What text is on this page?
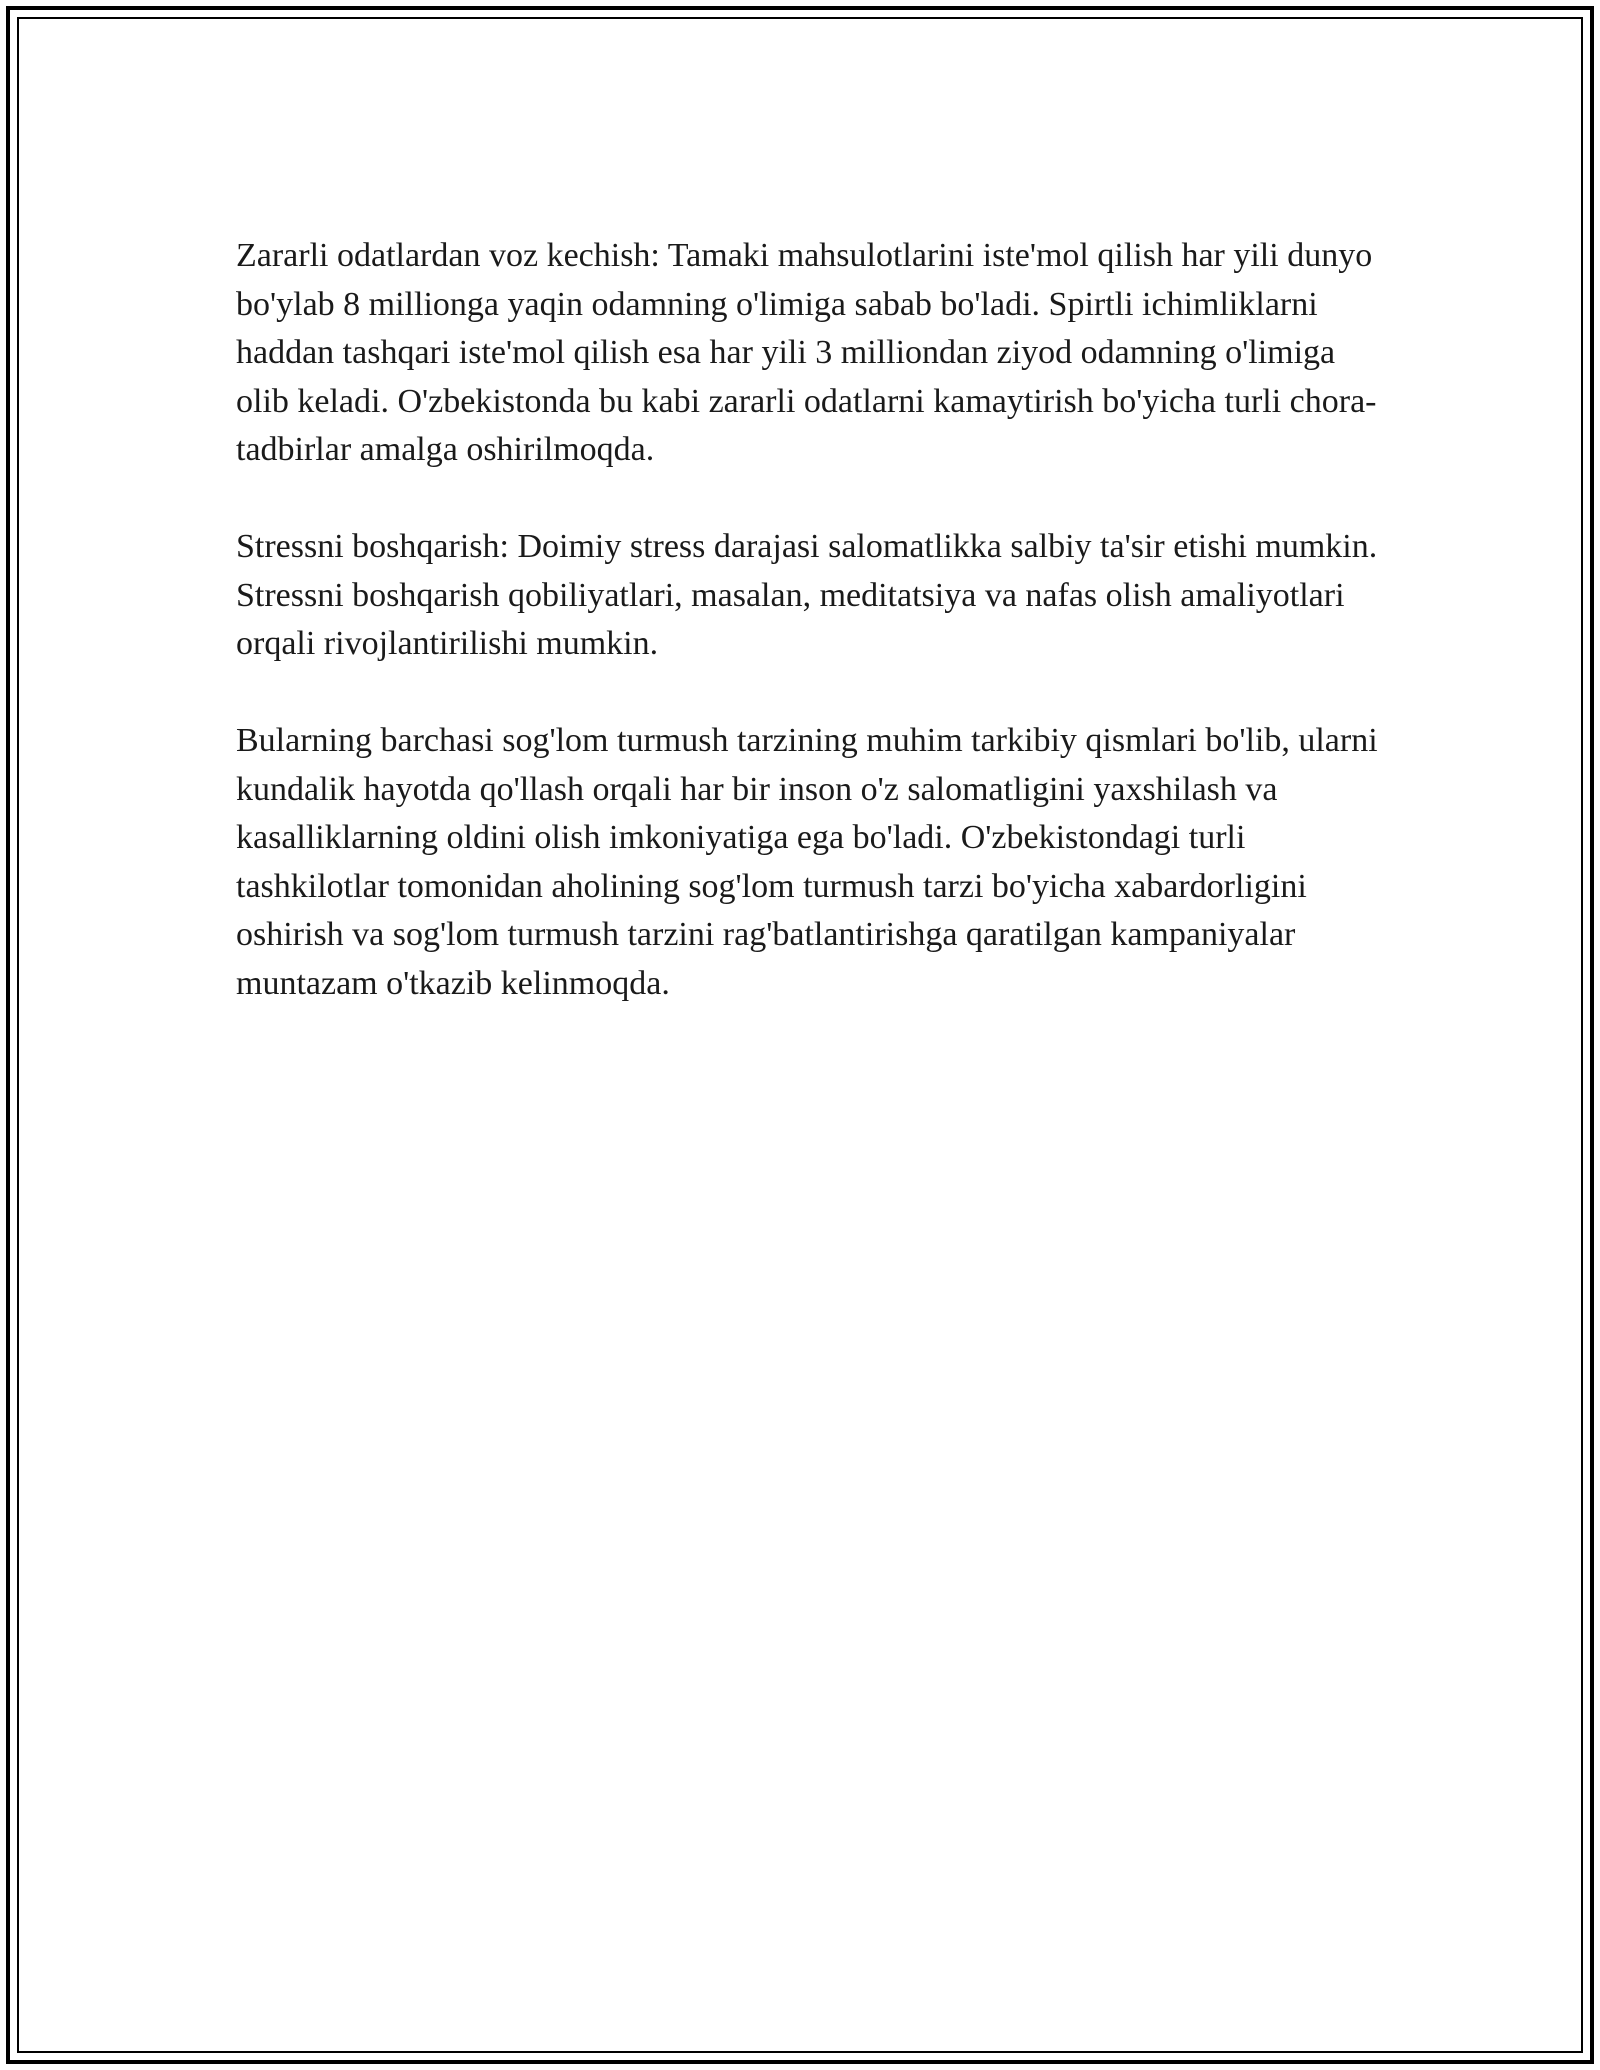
Zararli odatlardan voz kechish: Tamaki mahsulotlarini iste'mol qilish har yili dunyo bo'ylab 8 millionga yaqin odamning o'limiga sabab bo'ladi. Spirtli ichimliklarni haddan tashqari iste'mol qilish esa har yili 3 milliondan ziyod odamning o'limiga olib keladi. O'zbekistonda bu kabi zararli odatlarni kamaytirish bo'yicha turli chora-tadbirlar amalga oshirilmoqda.

Stressni boshqarish: Doimiy stress darajasi salomatlikka salbiy ta'sir etishi mumkin. Stressni boshqarish qobiliyatlari, masalan, meditatsiya va nafas olish amaliyotlari orqali rivojlantirilishi mumkin.

Bularning barchasi sog'lom turmush tarzining muhim tarkibiy qismlari bo'lib, ularni kundalik hayotda qo'llash orqali har bir inson o'z salomatligini yaxshilash va kasalliklarning oldini olish imkoniyatiga ega bo'ladi. O'zbekistondagi turli tashkilotlar tomonidan aholining sog'lom turmush tarzi bo'yicha xabardorligini oshirish va sog'lom turmush tarzini rag'batlantirishga qaratilgan kampaniyalar muntazam o'tkazib kelinmoqda.
